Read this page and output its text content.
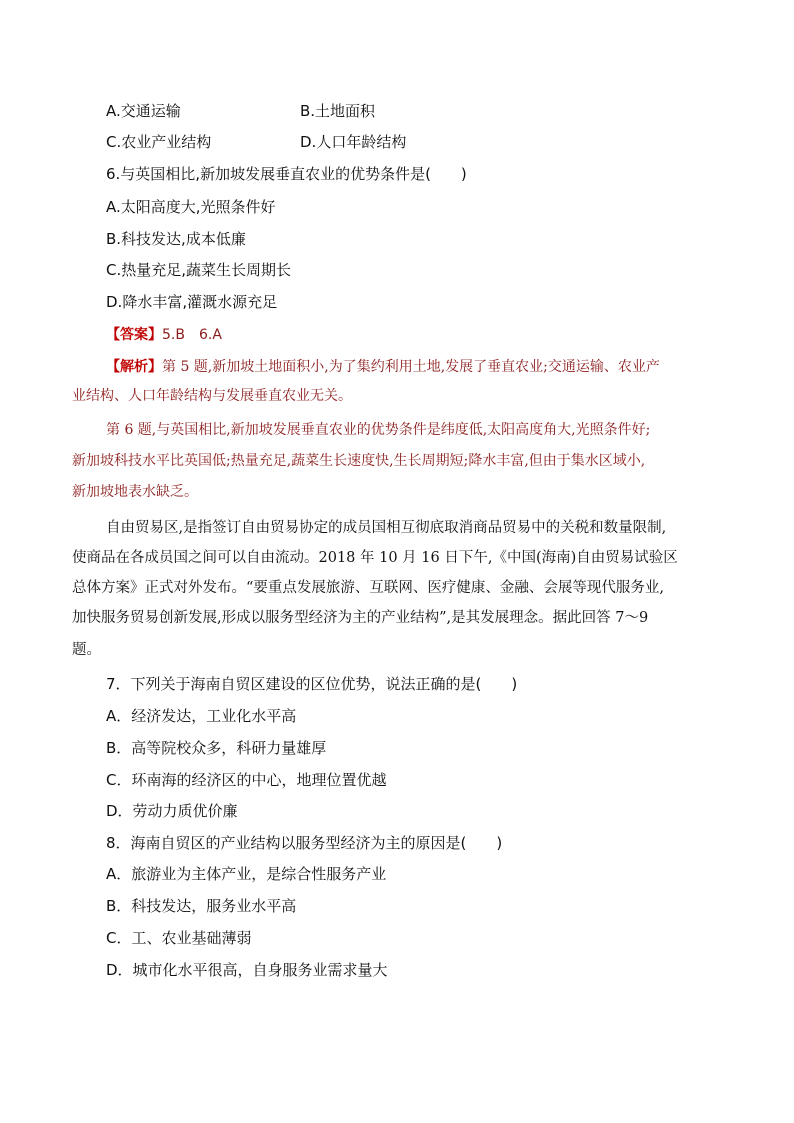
A.交通运输	B.土地面积
C.农业产业结构	D.人口年龄结构
6.与英国相比,新加坡发展垂直农业的优势条件是(　　)
A.太阳高度大,光照条件好
B.科技发达,成本低廉
C.热量充足,蔬菜生长周期长
D.降水丰富,灌溉水源充足
【答案】5.B　6.A
【解析】第 5 题,新加坡土地面积小,为了集约利用土地,发展了垂直农业;交通运输、农业产
业结构、人口年龄结构与发展垂直农业无关。
第 6 题,与英国相比,新加坡发展垂直农业的优势条件是纬度低,太阳高度角大,光照条件好;
新加坡科技水平比英国低;热量充足,蔬菜生长速度快,生长周期短;降水丰富,但由于集水区域小,
新加坡地表水缺乏。
自由贸易区,是指签订自由贸易协定的成员国相互彻底取消商品贸易中的关税和数量限制,
使商品在各成员国之间可以自由流动。2018 年 10 月 16 日下午,《中国(海南)自由贸易试验区
总体方案》正式对外发布。“要重点发展旅游、互联网、医疗健康、金融、会展等现代服务业,
加快服务贸易创新发展,形成以服务型经济为主的产业结构”,是其发展理念。据此回答 7～9
题。
7．下列关于海南自贸区建设的区位优势，说法正确的是(　　)
A．经济发达，工业化水平高
B．高等院校众多，科研力量雄厚
C．环南海的经济区的中心，地理位置优越
D．劳动力质优价廉
8．海南自贸区的产业结构以服务型经济为主的原因是(　　)
A．旅游业为主体产业，是综合性服务产业
B．科技发达，服务业水平高
C．工、农业基础薄弱
D．城市化水平很高，自身服务业需求量大
